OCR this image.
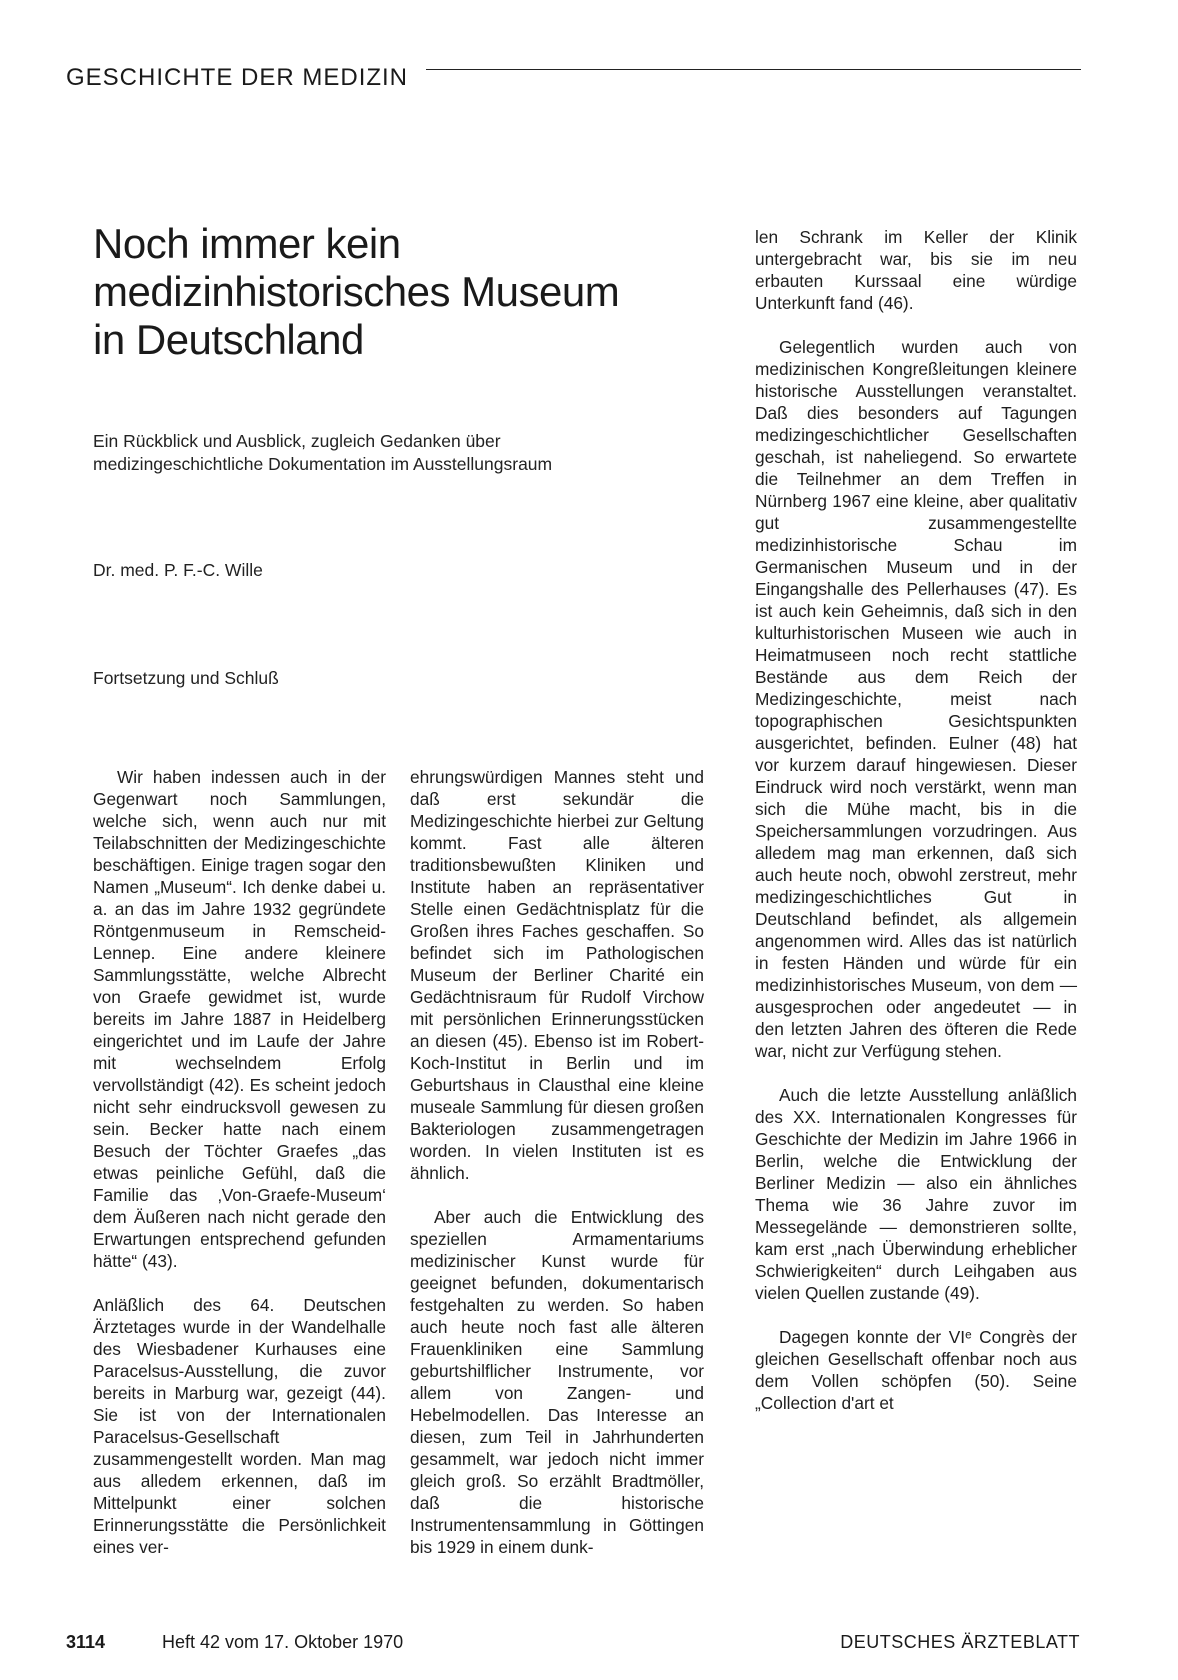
GESCHICHTE DER MEDIZIN
Noch immer kein
medizinhistorisches Museum
in Deutschland
Ein Rückblick und Ausblick, zugleich Gedanken über
medizingeschichtliche Dokumentation im Ausstellungsraum
Dr. med. P. F.-C. Wille
Fortsetzung und Schluß

Wir haben indessen auch in der Gegenwart noch Sammlungen, welche sich, wenn auch nur mit Teilabschnitten der Medizingeschichte beschäftigen. Einige tragen sogar den Namen „Museum“. Ich denke dabei u. a. an das im Jahre 1932 gegründete Röntgenmuseum in Remscheid-Lennep. Eine andere kleinere Sammlungsstätte, welche Albrecht von Graefe gewidmet ist, wurde bereits im Jahre 1887 in Heidelberg eingerichtet und im Laufe der Jahre mit wechselndem Erfolg vervollständigt (42). Es scheint jedoch nicht sehr eindrucksvoll gewesen zu sein. Becker hatte nach einem Besuch der Töchter Graefes „das etwas peinliche Gefühl, daß die Familie das ‚Von-Graefe-Museum‘ dem Äußeren nach nicht gerade den Erwartungen entsprechend gefunden hätte“ (43).

Anläßlich des 64. Deutschen Ärztetages wurde in der Wandelhalle des Wiesbadener Kurhauses eine Paracelsus-Ausstellung, die zuvor bereits in Marburg war, gezeigt (44). Sie ist von der Internationalen Paracelsus-Gesellschaft zusammengestellt worden. Man mag aus alledem erkennen, daß im Mittelpunkt einer solchen Erinnerungsstätte die Persönlichkeit eines ver-

ehrungswürdigen Mannes steht und daß erst sekundär die Medizingeschichte hierbei zur Geltung kommt. Fast alle älteren traditionsbewußten Kliniken und Institute haben an repräsentativer Stelle einen Gedächtnisplatz für die Großen ihres Faches geschaffen. So befindet sich im Pathologischen Museum der Berliner Charité ein Gedächtnisraum für Rudolf Virchow mit persönlichen Erinnerungsstücken an diesen (45). Ebenso ist im Robert-Koch-Institut in Berlin und im Geburtshaus in Clausthal eine kleine museale Sammlung für diesen großen Bakteriologen zusammengetragen worden. In vielen Instituten ist es ähnlich.

Aber auch die Entwicklung des speziellen Armamentariums medizinischer Kunst wurde für geeignet befunden, dokumentarisch festgehalten zu werden. So haben auch heute noch fast alle älteren Frauenkliniken eine Sammlung geburtshilflicher Instrumente, vor allem von Zangen- und Hebelmodellen. Das Interesse an diesen, zum Teil in Jahrhunderten gesammelt, war jedoch nicht immer gleich groß. So erzählt Bradtmöller, daß die historische Instrumentensammlung in Göttingen bis 1929 in einem dunk-

len Schrank im Keller der Klinik untergebracht war, bis sie im neu erbauten Kurssaal eine würdige Unterkunft fand (46).

Gelegentlich wurden auch von medizinischen Kongreßleitungen kleinere historische Ausstellungen veranstaltet. Daß dies besonders auf Tagungen medizingeschichtlicher Gesellschaften geschah, ist naheliegend. So erwartete die Teilnehmer an dem Treffen in Nürnberg 1967 eine kleine, aber qualitativ gut zusammengestellte medizinhistorische Schau im Germanischen Museum und in der Eingangshalle des Pellerhauses (47). Es ist auch kein Geheimnis, daß sich in den kulturhistorischen Museen wie auch in Heimatmuseen noch recht stattliche Bestände aus dem Reich der Medizingeschichte, meist nach topographischen Gesichtspunkten ausgerichtet, befinden. Eulner (48) hat vor kurzem darauf hingewiesen. Dieser Eindruck wird noch verstärkt, wenn man sich die Mühe macht, bis in die Speichersammlungen vorzudringen. Aus alledem mag man erkennen, daß sich auch heute noch, obwohl zerstreut, mehr medizingeschichtliches Gut in Deutschland befindet, als allgemein angenommen wird. Alles das ist natürlich in festen Händen und würde für ein medizinhistorisches Museum, von dem — ausgesprochen oder angedeutet — in den letzten Jahren des öfteren die Rede war, nicht zur Verfügung stehen.

Auch die letzte Ausstellung anläßlich des XX. Internationalen Kongresses für Geschichte der Medizin im Jahre 1966 in Berlin, welche die Entwicklung der Berliner Medizin — also ein ähnliches Thema wie 36 Jahre zuvor im Messegelände — demonstrieren sollte, kam erst „nach Überwindung erheblicher Schwierigkeiten“ durch Leihgaben aus vielen Quellen zustande (49).

Dagegen konnte der VIᵉ Congrès der gleichen Gesellschaft offenbar noch aus dem Vollen schöpfen (50). Seine „Collection d'art et

3114	Heft 42 vom 17. Oktober 1970	DEUTSCHES ÄRZTEBLATT
